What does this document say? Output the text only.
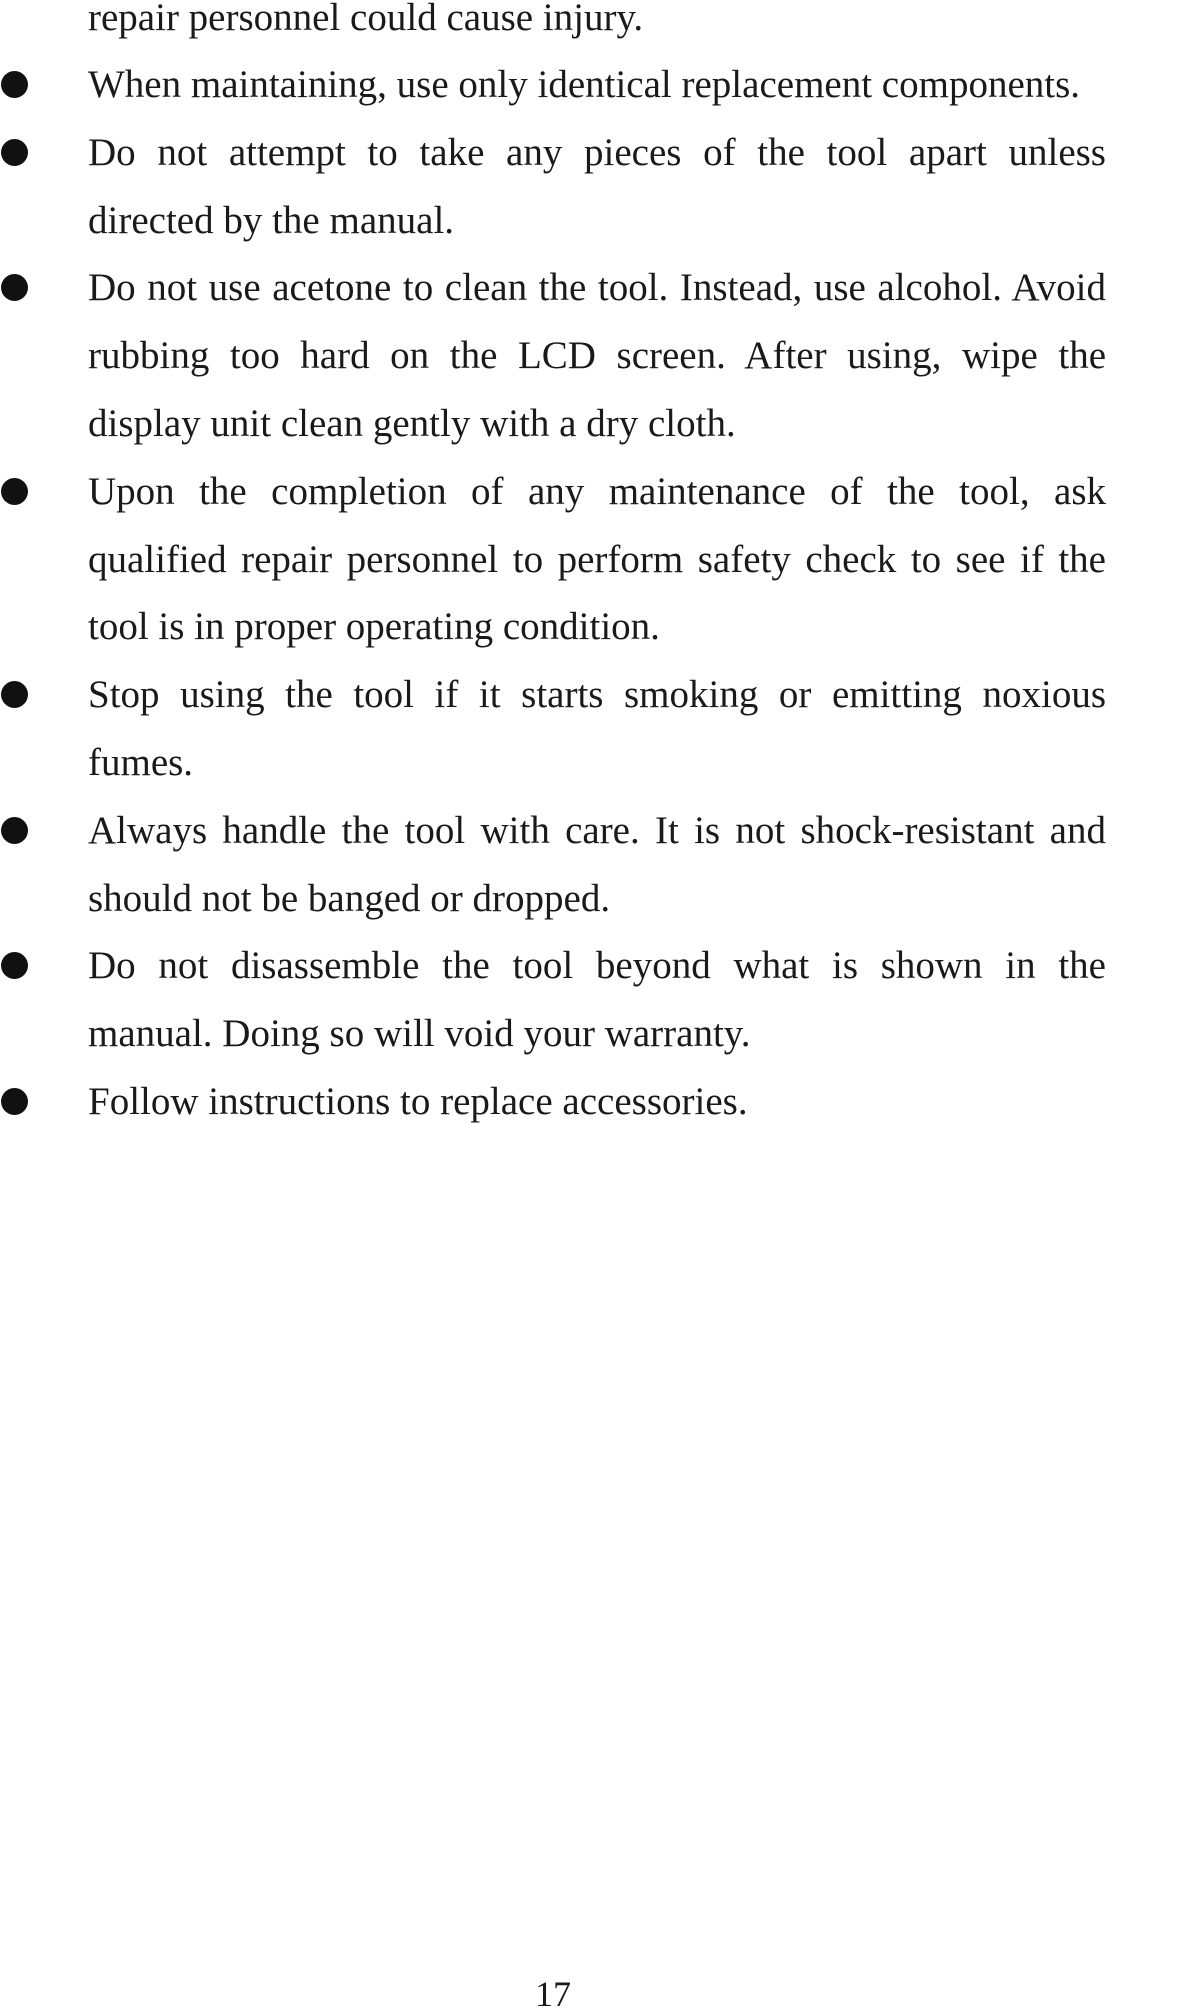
repair personnel could cause injury.
When maintaining, use only identical replacement components.
Do not attempt to take any pieces of the tool apart unless directed by the manual.
Do not use acetone to clean the tool. Instead, use alcohol. Avoid rubbing too hard on the LCD screen. After using, wipe the display unit clean gently with a dry cloth.
Upon the completion of any maintenance of the tool, ask qualified repair personnel to perform safety check to see if the tool is in proper operating condition.
Stop using the tool if it starts smoking or emitting noxious fumes.
Always handle the tool with care. It is not shock-resistant and should not be banged or dropped.
Do not disassemble the tool beyond what is shown in the manual. Doing so will void your warranty.
Follow instructions to replace accessories.
17
